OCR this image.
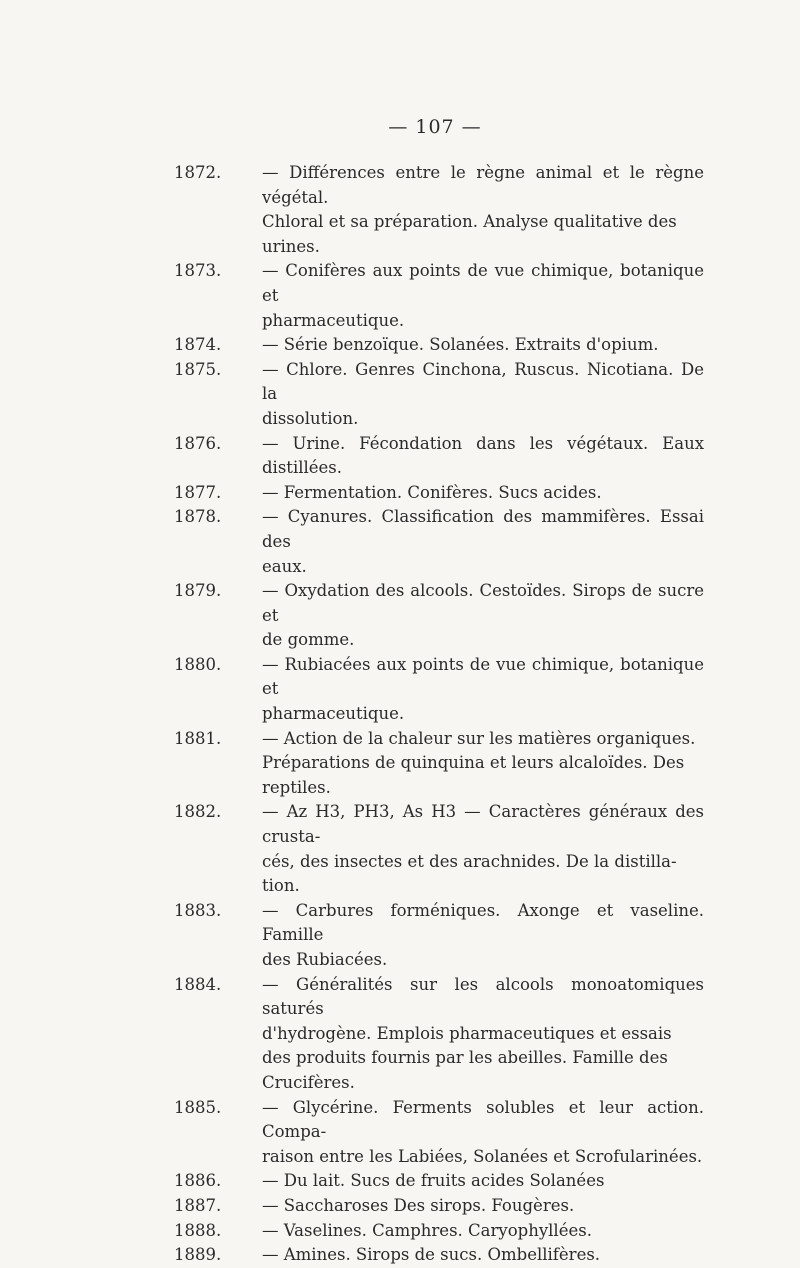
— 107 —
1872.	— Différences entre le règne animal et le règne végétal.
Chloral et sa préparation. Analyse qualitative des
urines.
1873.	— Conifères aux points de vue chimique, botanique et
pharmaceutique.
1874.	— Série benzoïque. Solanées. Extraits d'opium.
1875.	— Chlore. Genres Cinchona, Ruscus. Nicotiana. De la
dissolution.
1876.	— Urine. Fécondation dans les végétaux. Eaux distillées.
1877.	— Fermentation. Conifères. Sucs acides.
1878.	— Cyanures. Classification des mammifères. Essai des
eaux.
1879.	— Oxydation des alcools. Cestoïdes. Sirops de sucre et
de gomme.
1880.	— Rubiacées aux points de vue chimique, botanique et
pharmaceutique.
1881.	— Action de la chaleur sur les matières organiques.
Préparations de quinquina et leurs alcaloïdes. Des
reptiles.
1882.	— Az H3, PH3, As H3 — Caractères généraux des crusta-
cés, des insectes et des arachnides. De la distilla-
tion.
1883.	— Carbures forméniques. Axonge et vaseline. Famille
des Rubiacées.
1884.	— Généralités sur les alcools monoatomiques saturés
d'hydrogène. Emplois pharmaceutiques et essais
des produits fournis par les abeilles. Famille des
Crucifères.
1885.	— Glycérine. Ferments solubles et leur action. Compa-
raison entre les Labiées, Solanées et Scrofularinées.
1886.	— Du lait. Sucs de fruits acides Solanées
1887.	— Saccharoses Des sirops. Fougères.
1888.	— Vaselines. Camphres. Caryophyllées.
1889.	— Amines. Sirops de sucs. Ombellifères.
